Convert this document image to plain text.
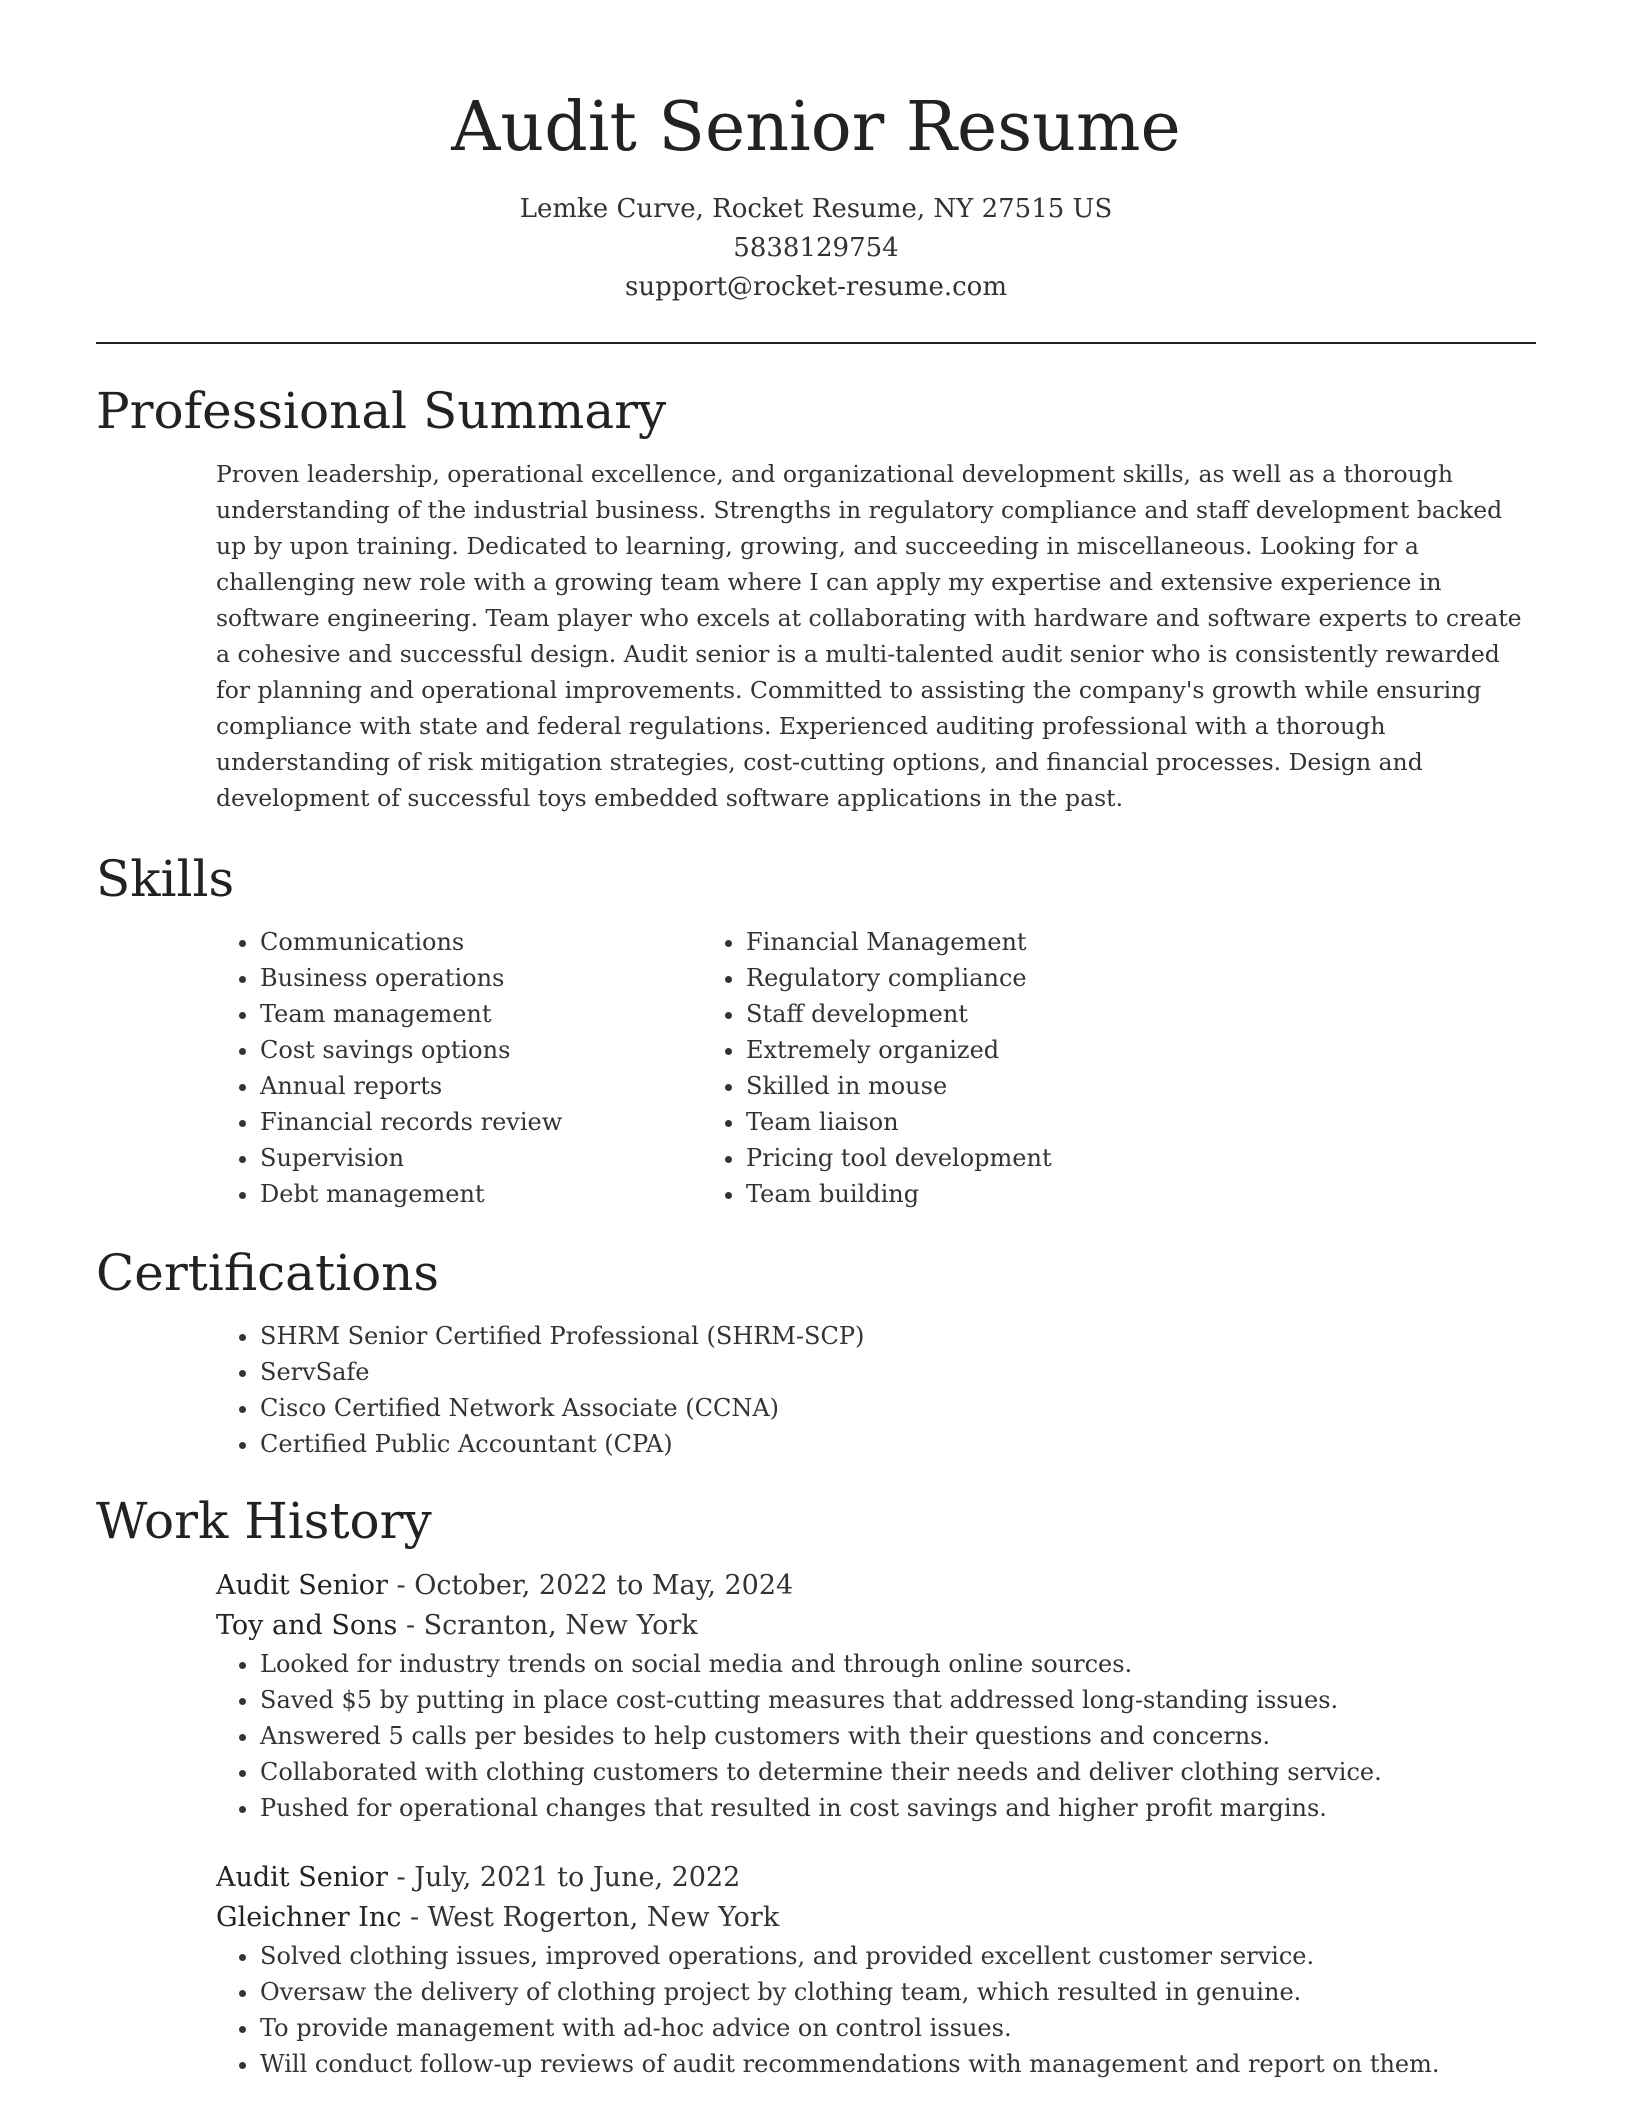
Audit Senior Resume
Lemke Curve, Rocket Resume, NY 27515 US
5838129754
support@rocket-resume.com
Professional Summary

Proven leadership, operational excellence, and organizational development skills, as well as a thorough understanding of the industrial business. Strengths in regulatory compliance and staff development backed up by upon training. Dedicated to learning, growing, and succeeding in miscellaneous. Looking for a challenging new role with a growing team where I can apply my expertise and extensive experience in software engineering. Team player who excels at collaborating with hardware and software experts to create a cohesive and successful design. Audit senior is a multi-talented audit senior who is consistently rewarded for planning and operational improvements. Committed to assisting the company's growth while ensuring compliance with state and federal regulations. Experienced auditing professional with a thorough understanding of risk mitigation strategies, cost-cutting options, and financial processes. Design and development of successful toys embedded software applications in the past.

Skills
• Communications
• Business operations
• Team management
• Cost savings options
• Annual reports
• Financial records review
• Supervision
• Debt management
• Financial Management
• Regulatory compliance
• Staff development
• Extremely organized
• Skilled in mouse
• Team liaison
• Pricing tool development
• Team building
Certifications
• SHRM Senior Certified Professional (SHRM-SCP)
• ServSafe
• Cisco Certified Network Associate (CCNA)
• Certified Public Accountant (CPA)
Work History
Audit Senior - October, 2022 to May, 2024
Toy and Sons - Scranton, New York
• Looked for industry trends on social media and through online sources.
• Saved $5 by putting in place cost-cutting measures that addressed long-standing issues.
• Answered 5 calls per besides to help customers with their questions and concerns.
• Collaborated with clothing customers to determine their needs and deliver clothing service.
• Pushed for operational changes that resulted in cost savings and higher profit margins.
Audit Senior - July, 2021 to June, 2022
Gleichner Inc - West Rogerton, New York
• Solved clothing issues, improved operations, and provided excellent customer service.
• Oversaw the delivery of clothing project by clothing team, which resulted in genuine.
• To provide management with ad-hoc advice on control issues.
• Will conduct follow-up reviews of audit recommendations with management and report on them.
